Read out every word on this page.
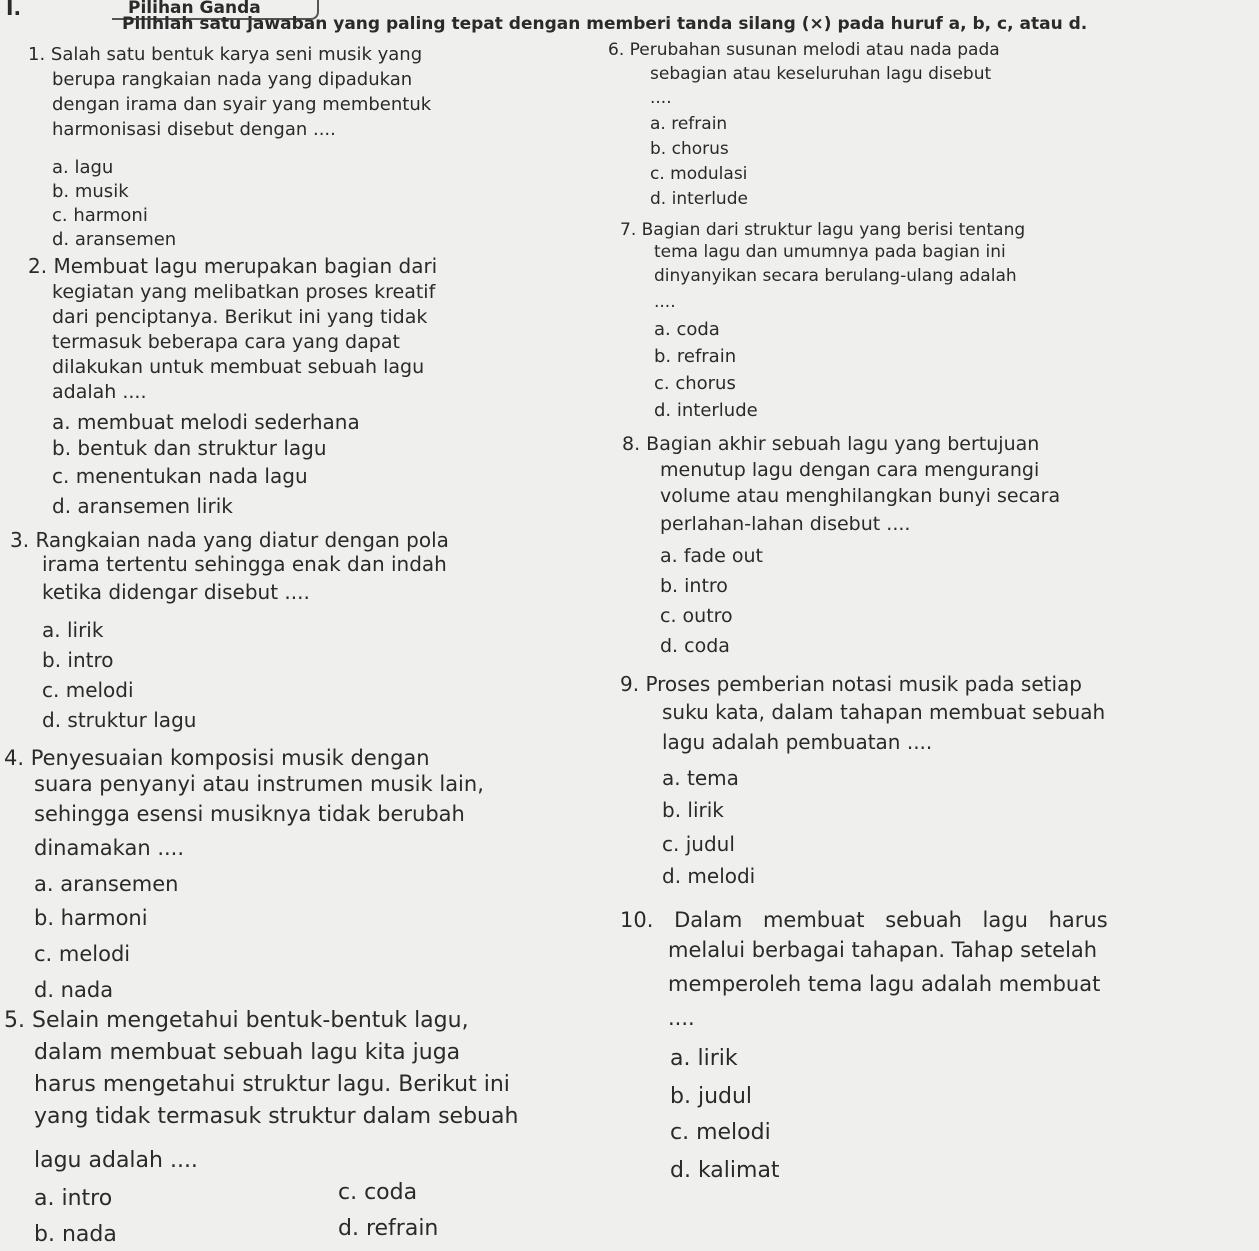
I.	Pilihan Ganda
Pilihlah satu jawaban yang paling tepat dengan memberi tanda silang (×) pada huruf a, b, c, atau d.
1. Salah satu bentuk karya seni musik yang
berupa rangkaian nada yang dipadukan
dengan irama dan syair yang membentuk
harmonisasi disebut dengan ....
a. lagu
b. musik
c. harmoni
d. aransemen
2. Membuat lagu merupakan bagian dari
kegiatan yang melibatkan proses kreatif
dari penciptanya. Berikut ini yang tidak
termasuk beberapa cara yang dapat
dilakukan untuk membuat sebuah lagu
adalah ....
a. membuat melodi sederhana
b. bentuk dan struktur lagu
c. menentukan nada lagu
d. aransemen lirik
3. Rangkaian nada yang diatur dengan pola
irama tertentu sehingga enak dan indah
ketika didengar disebut ....
a. lirik
b. intro
c. melodi
d. struktur lagu
4. Penyesuaian komposisi musik dengan
suara penyanyi atau instrumen musik lain,
sehingga esensi musiknya tidak berubah
dinamakan ....
a. aransemen
b. harmoni
c. melodi
d. nada
5. Selain mengetahui bentuk-bentuk lagu,
dalam membuat sebuah lagu kita juga
harus mengetahui struktur lagu. Berikut ini
yang tidak termasuk struktur dalam sebuah
lagu adalah ....
a. intro
b. nada
c. coda
d. refrain
6. Perubahan susunan melodi atau nada pada
sebagian atau keseluruhan lagu disebut
....
a. refrain
b. chorus
c. modulasi
d. interlude
7. Bagian dari struktur lagu yang berisi tentang
tema lagu dan umumnya pada bagian ini
dinyanyikan secara berulang-ulang adalah
....
a. coda
b. refrain
c. chorus
d. interlude
8. Bagian akhir sebuah lagu yang bertujuan
menutup lagu dengan cara mengurangi
volume atau menghilangkan bunyi secara
perlahan-lahan disebut ....
a. fade out
b. intro
c. outro
d. coda
9. Proses pemberian notasi musik pada setiap
suku kata, dalam tahapan membuat sebuah
lagu adalah pembuatan ....
a. tema
b. lirik
c. judul
d. melodi
10. Dalam membuat sebuah lagu harus
melalui berbagai tahapan. Tahap setelah
memperoleh tema lagu adalah membuat
....
a. lirik
b. judul
c. melodi
d. kalimat
